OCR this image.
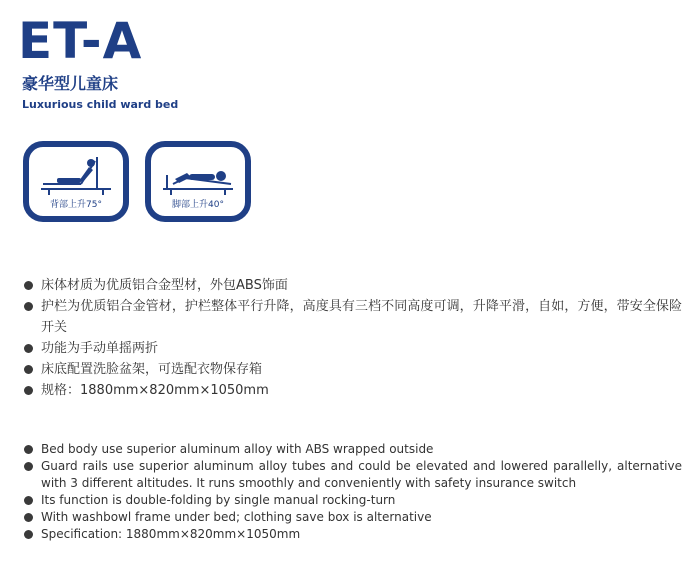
ET-A
豪华型儿童床
Luxurious child ward bed
背部上升75°	脚部上升40°
床体材质为优质铝合金型材，外包ABS饰面
护栏为优质铝合金管材，护栏整体平行升降，高度具有三档不同高度可调，升降平滑，自如，方便，带安全保险开关
功能为手动单摇两折
床底配置洗脸盆架，可选配衣物保存箱
规格：1880mm×820mm×1050mm
Bed body use superior aluminum alloy with ABS wrapped outside
Guard rails use superior aluminum alloy tubes and could be elevated and lowered parallelly, alternative with 3 different altitudes. It runs smoothly and conveniently with safety insurance switch
Its function is double-folding by single manual rocking-turn
With washbowl frame under bed; clothing save box is alternative
Specification: 1880mm×820mm×1050mm
